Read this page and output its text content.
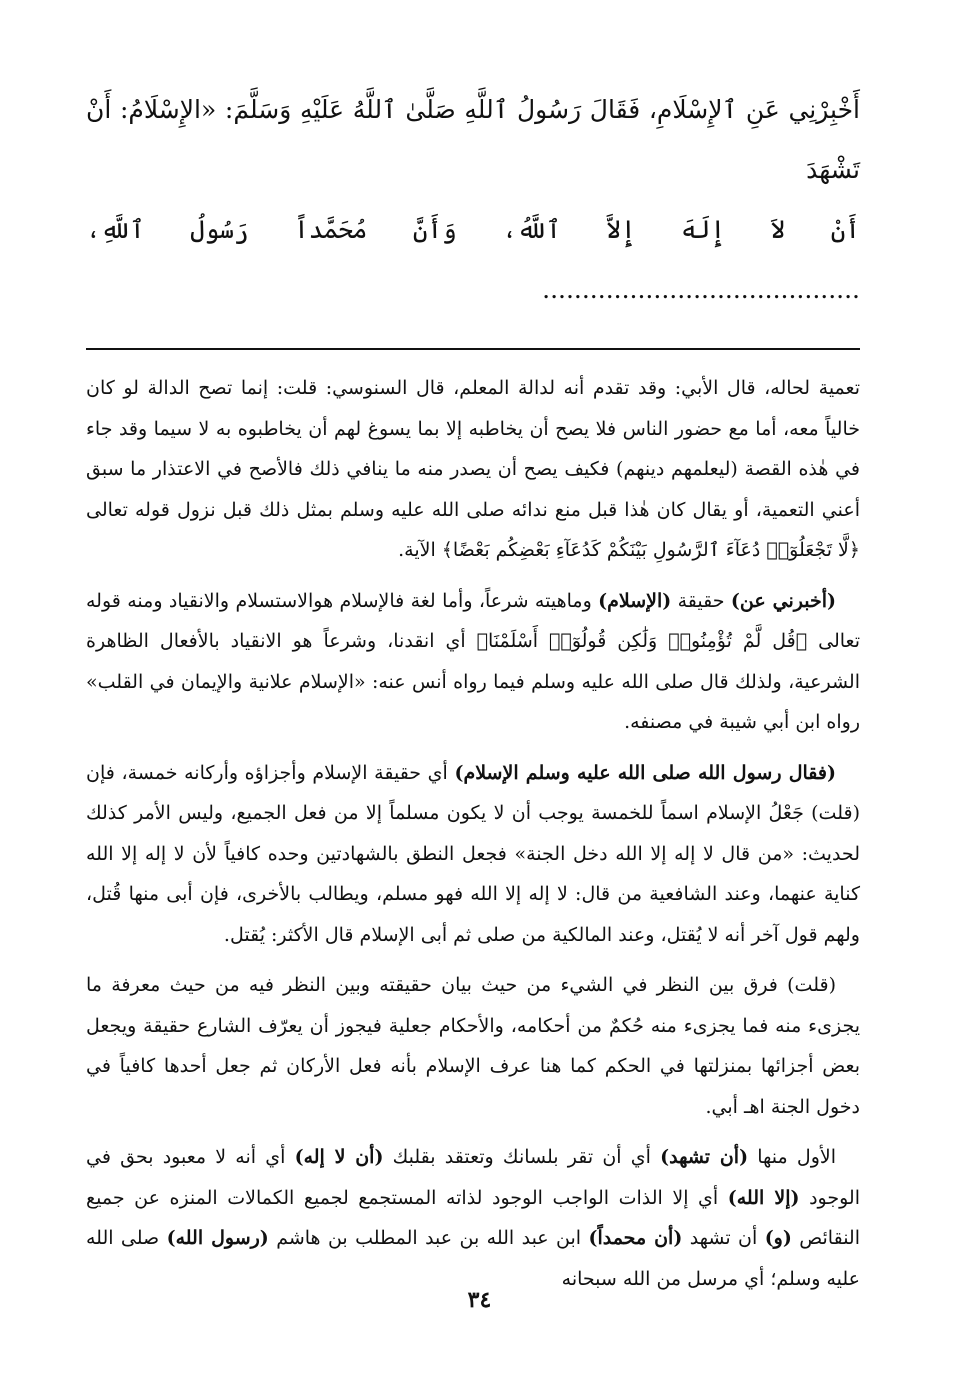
أَخْبِرْنِي عَنِ ٱلإِسْلَامِ، فَقَالَ رَسُولُ ٱللَّهِ صَلَّىٰ ٱللَّهُ عَلَيْهِ وَسَلَّمَ: «الإِسْلَامُ: أَنْ تَشْهَدَ
أَنْ لاَ إِلَهَ إِلاَّ ٱللَّهُ، وَأَنَّ مُحَمَّداً رَسُولُ ٱللَّهِ، ........................................

تعمية لحاله، قال الأبي: وقد تقدم أنه لدالة المعلم، قال السنوسي: قلت: إنما تصح الدالة لو كان خالياً معه، أما مع حضور الناس فلا يصح أن يخاطبه إلا بما يسوغ لهم أن يخاطبوه به لا سيما وقد جاء في هٰذه القصة (ليعلمهم دينهم) فكيف يصح أن يصدر منه ما ينافي ذلك فالأصح في الاعتذار ما سبق أعني التعمية، أو يقال كان هٰذا قبل منع ندائه صلى الله عليه وسلم بمثل ذلك قبل نزول قوله تعالى ﴿لَّا تَجْعَلُوٓا۟ دُعَآءَ ٱلرَّسُولِ بَيْنَكُمْ كَدُعَآءِ بَعْضِكُم بَعْضًا﴾ الآية.

(أخبرني عن) حقيقة (الإسلام) وماهيته شرعاً، وأما لغة فالإسلام هوالاستسلام والانقياد ومنه قوله تعالى ﴿قُل لَّمْ تُؤْمِنُوا۟ وَلَٰكِن قُولُوٓا۟ أَسْلَمْنَا﴾ أي انقدنا، وشرعاً هو الانقياد بالأفعال الظاهرة الشرعية، ولذلك قال صلى الله عليه وسلم فيما رواه أنس عنه: «الإسلام علانية والإيمان في القلب» رواه ابن أبي شيبة في مصنفه.

(فقال رسول الله صلى الله عليه وسلم الإسلام) أي حقيقة الإسلام وأجزاؤه وأركانه خمسة، فإن (قلت) جَعْلُ الإسلام اسماً للخمسة يوجب أن لا يكون مسلماً إلا من فعل الجميع، وليس الأمر كذلك لحديث: «من قال لا إله إلا الله دخل الجنة» فجعل النطق بالشهادتين وحده كافياً لأن لا إله إلا الله كناية عنهما، وعند الشافعية من قال: لا إله إلا الله فهو مسلم، ويطالب بالأخرى، فإن أبى منها قُتل، ولهم قول آخر أنه لا يُقتل، وعند المالكية من صلى ثم أبى الإسلام قال الأكثر: يُقتل.

(قلت) فرق بين النظر في الشيء من حيث بيان حقيقته وبين النظر فيه من حيث معرفة ما يجزىء منه فما يجزىء منه حُكمٌ من أحكامه، والأحكام جعلية فيجوز أن يعرّف الشارع حقيقة ويجعل بعض أجزائها بمنزلتها في الحكم كما هنا عرف الإسلام بأنه فعل الأركان ثم جعل أحدها كافياً في دخول الجنة اهـ أبي.

الأول منها (أن تشهد) أي أن تقر بلسانك وتعتقد بقلبك (أن لا إله) أي أنه لا معبود بحق في الوجود (إلا الله) أي إلا الذات الواجب الوجود لذاته المستجمع لجميع الكمالات المنزه عن جميع النقائص (و) أن تشهد (أن محمداً) ابن عبد الله بن عبد المطلب بن هاشم (رسول الله) صلى الله عليه وسلم؛ أي مرسل من الله سبحانه

٣٤
